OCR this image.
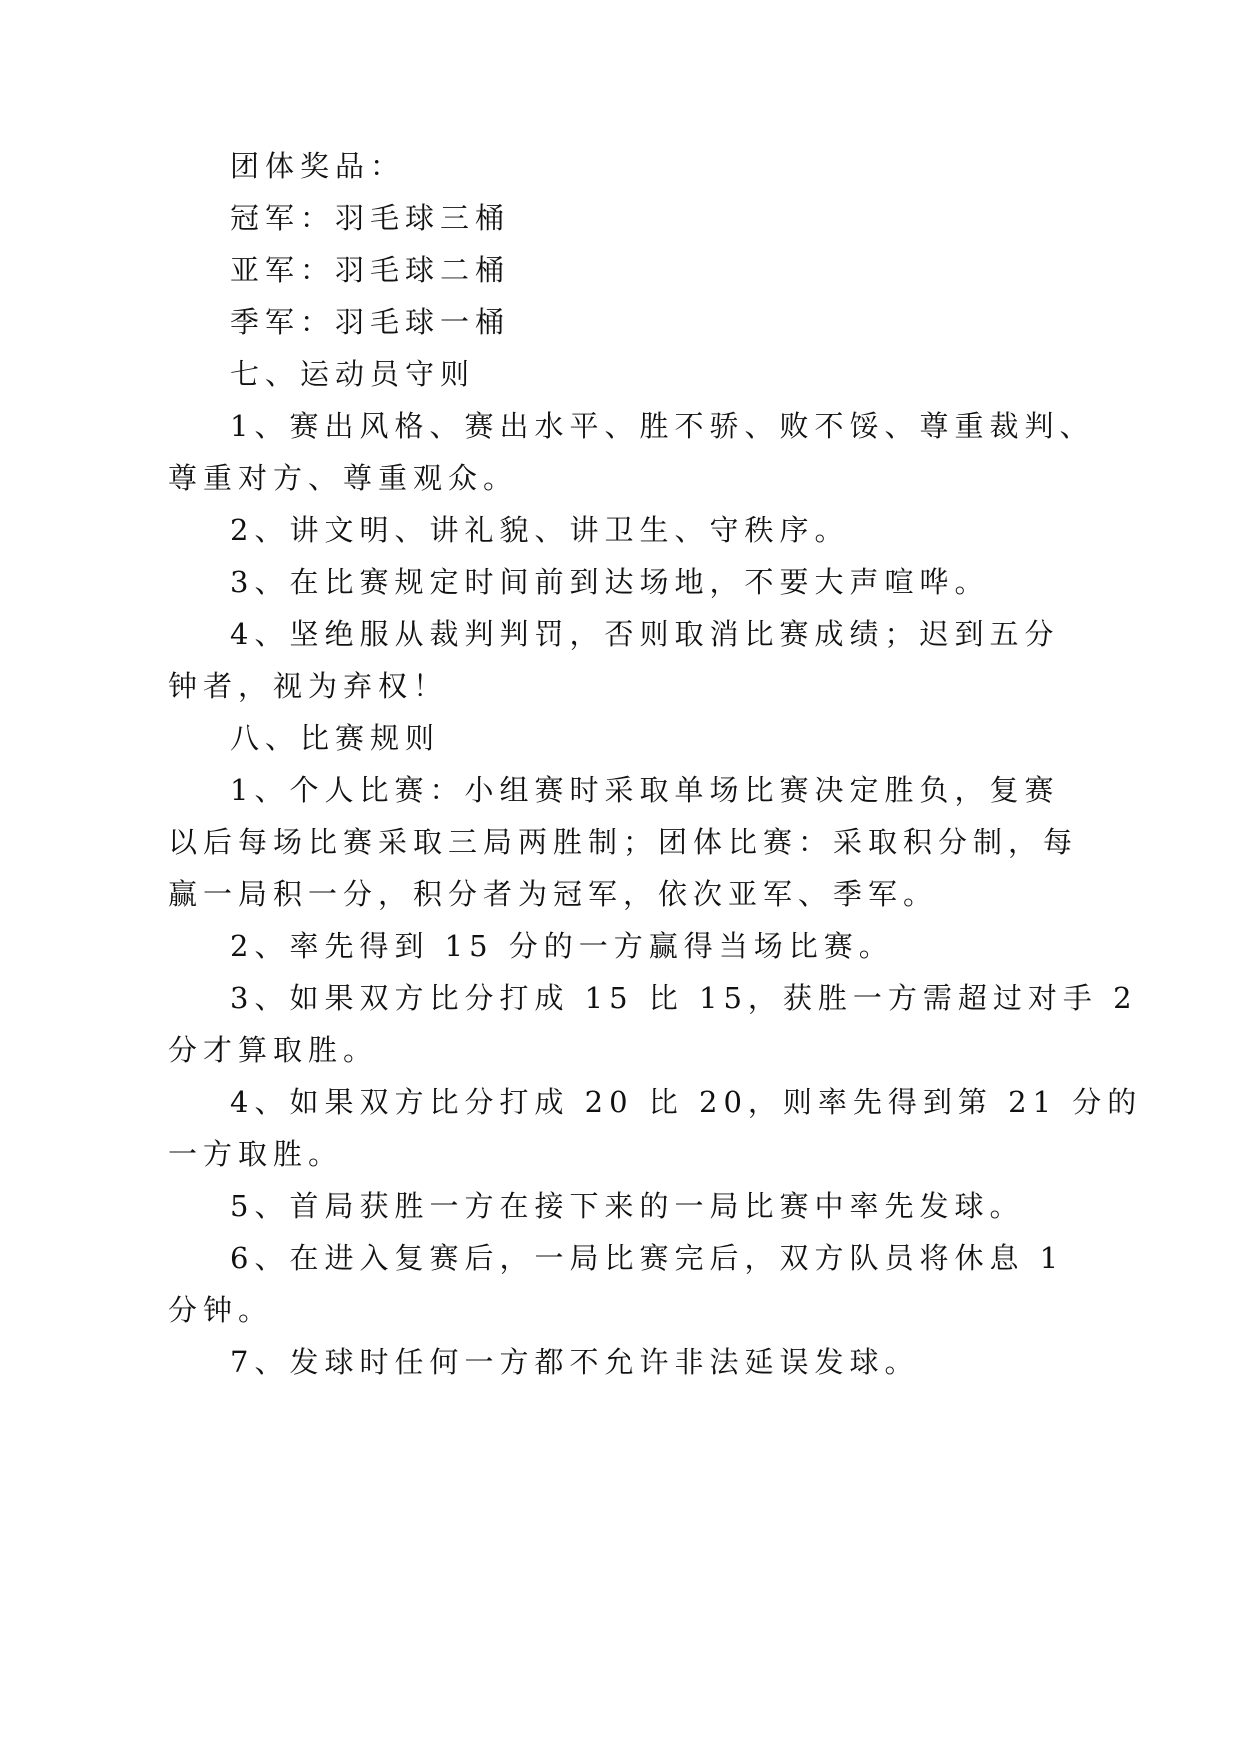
团体奖品：
冠军：羽毛球三桶
亚军：羽毛球二桶
季军：羽毛球一桶
七、运动员守则
1、赛出风格、赛出水平、胜不骄、败不馁、尊重裁判、
尊重对方、尊重观众。
2、讲文明、讲礼貌、讲卫生、守秩序。
3、在比赛规定时间前到达场地，不要大声喧哗。
4、坚绝服从裁判判罚，否则取消比赛成绩；迟到五分
钟者，视为弃权！
八、比赛规则
1、个人比赛：小组赛时采取单场比赛决定胜负，复赛
以后每场比赛采取三局两胜制；团体比赛：采取积分制，每
赢一局积一分，积分者为冠军，依次亚军、季军。
2、率先得到 15 分的一方赢得当场比赛。
3、如果双方比分打成 15 比 15，获胜一方需超过对手 2
分才算取胜。
4、如果双方比分打成 20 比 20，则率先得到第 21 分的
一方取胜。
5、首局获胜一方在接下来的一局比赛中率先发球。
6、在进入复赛后，一局比赛完后，双方队员将休息 1
分钟。
7、发球时任何一方都不允许非法延误发球。
